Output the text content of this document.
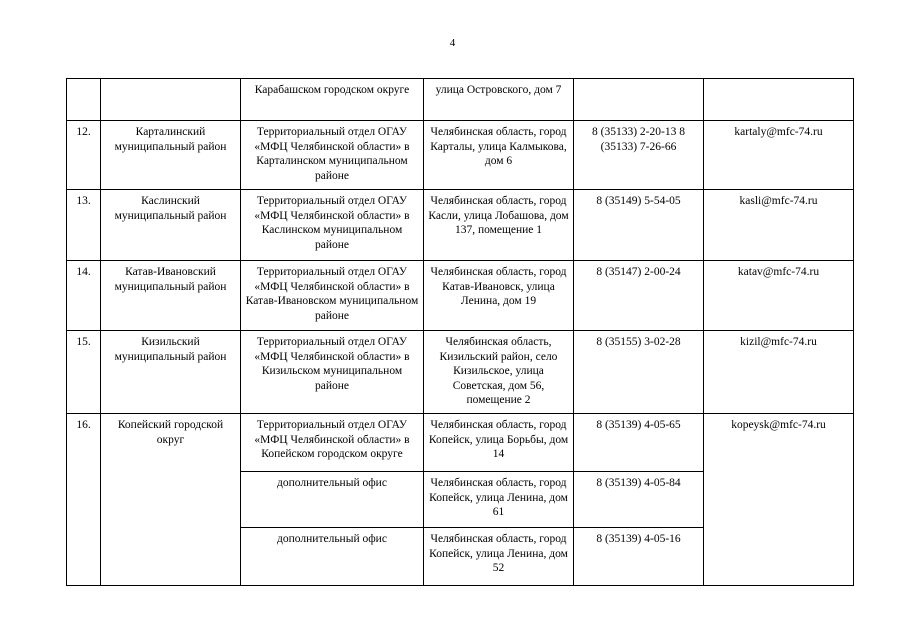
4
		Карабашском городском округе	улица Островского, дом 7		
12.	Карталинский муниципальный район	Территориальный отдел ОГАУ «МФЦ Челябинской области» в Карталинском муниципальном районе	Челябинская область, город Карталы, улица Калмыкова, дом 6	8 (35133) 2-20-13 8 (35133) 7-26-66	kartaly@mfc-74.ru
13.	Каслинский муниципальный район	Территориальный отдел ОГАУ «МФЦ Челябинской области» в Каслинском муниципальном районе	Челябинская область, город Касли, улица Лобашова, дом 137, помещение 1	8 (35149) 5-54-05	kasli@mfc-74.ru
14.	Катав-Ивановский муниципальный район	Территориальный отдел ОГАУ «МФЦ Челябинской области» в Катав-Ивановском муниципальном районе	Челябинская область, город Катав-Ивановск, улица Ленина, дом 19	8 (35147) 2-00-24	katav@mfc-74.ru
15.	Кизильский муниципальный район	Территориальный отдел ОГАУ «МФЦ Челябинской области» в Кизильском муниципальном районе	Челябинская область, Кизильский район, село Кизильское, улица Советская, дом 56, помещение 2	8 (35155) 3-02-28	kizil@mfc-74.ru
16.	Копейский городской округ	Территориальный отдел ОГАУ «МФЦ Челябинской области» в Копейском городском округе	Челябинская область, город Копейск, улица Борьбы, дом 14	8 (35139) 4-05-65	kopeysk@mfc-74.ru
		дополнительный офис	Челябинская область, город Копейск, улица Ленина, дом 61	8 (35139) 4-05-84	
		дополнительный офис	Челябинская область, город Копейск, улица Ленина, дом 52	8 (35139) 4-05-16	
